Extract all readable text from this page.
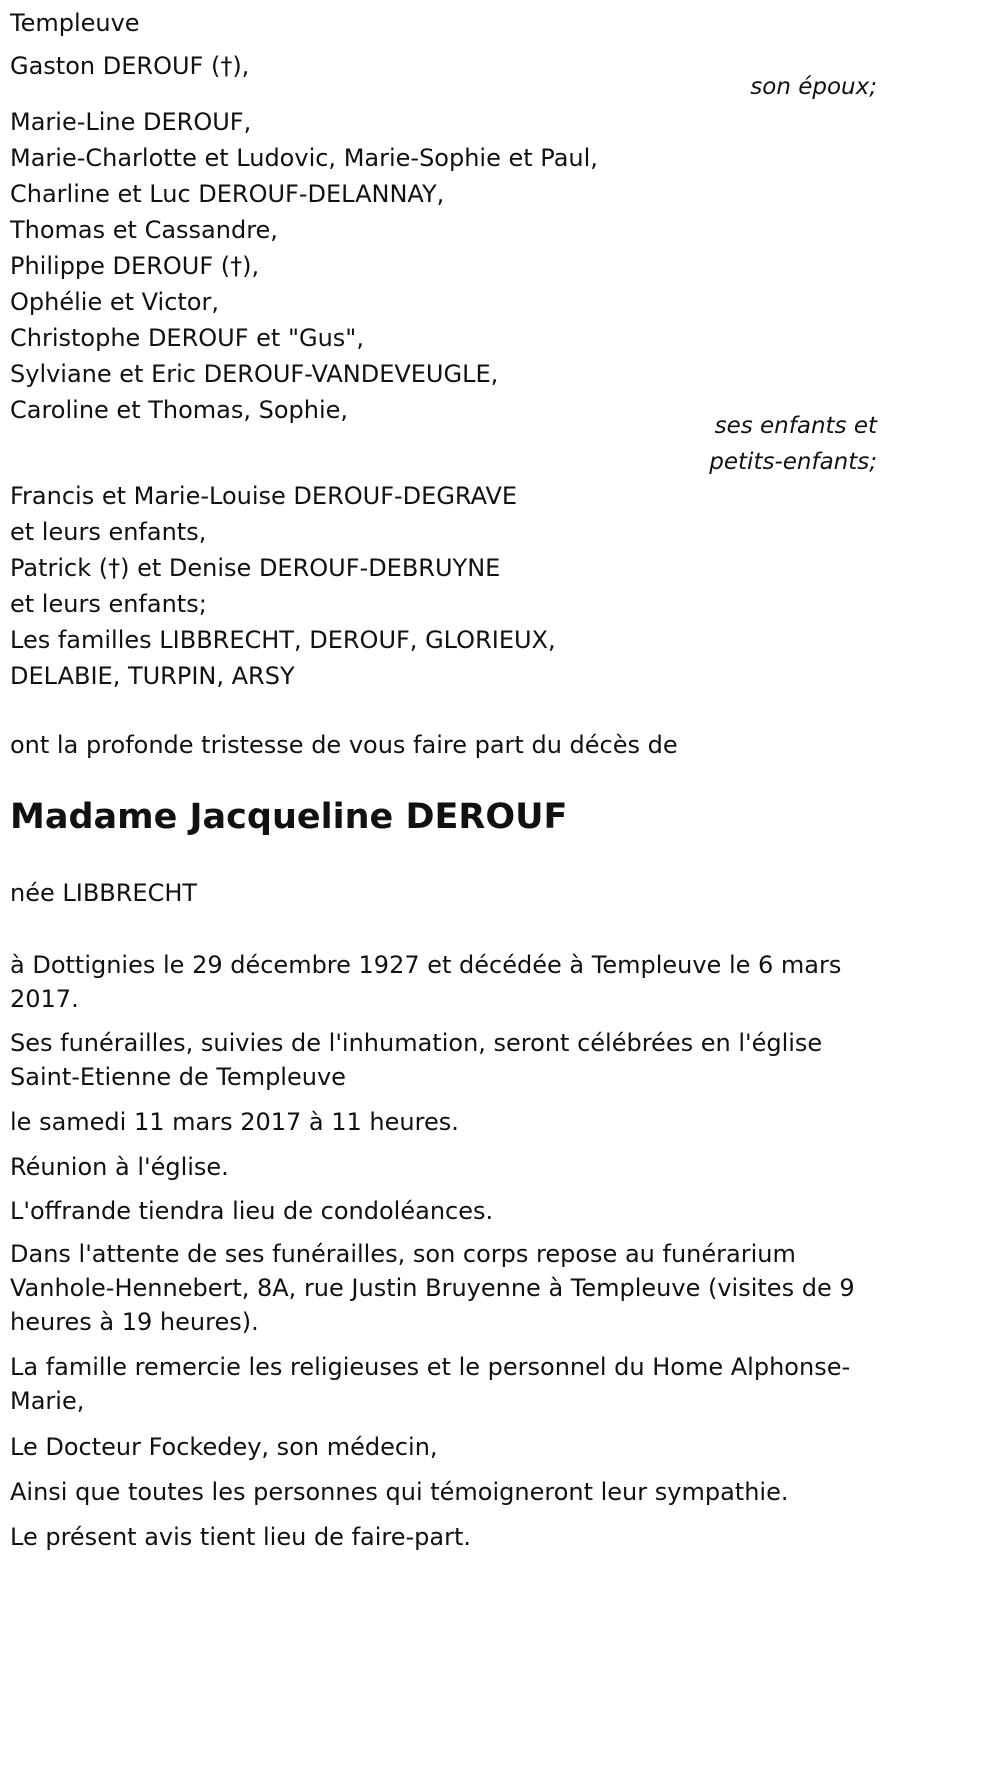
Templeuve
Gaston DEROUF (†),
son époux;
Marie-Line DEROUF,
Marie-Charlotte et Ludovic, Marie-Sophie et Paul,
Charline et Luc DEROUF-DELANNAY,
Thomas et Cassandre,
Philippe DEROUF (†),
Ophélie et Victor,
Christophe DEROUF et "Gus",
Sylviane et Eric DEROUF-VANDEVEUGLE,
Caroline et Thomas, Sophie,
ses enfants et
petits-enfants;
Francis et Marie-Louise DEROUF-DEGRAVE
et leurs enfants,
Patrick (†) et Denise DEROUF-DEBRUYNE
et leurs enfants;
Les familles LIBBRECHT, DEROUF, GLORIEUX,
DELABIE, TURPIN, ARSY
ont la profonde tristesse de vous faire part du décès de
Madame Jacqueline DEROUF
née LIBBRECHT
à Dottignies le 29 décembre 1927 et décédée à Templeuve le 6 mars 2017.
Ses funérailles, suivies de l'inhumation, seront célébrées en l'église Saint-Etienne de Templeuve
le samedi 11 mars 2017 à 11 heures.
Réunion à l'église.
L'offrande tiendra lieu de condoléances.
Dans l'attente de ses funérailles, son corps repose au funérarium Vanhole-Hennebert, 8A, rue Justin Bruyenne à Templeuve (visites de 9 heures à 19 heures).
La famille remercie les religieuses et le personnel du Home Alphonse-Marie,
Le Docteur Fockedey, son médecin,
Ainsi que toutes les personnes qui témoigneront leur sympathie.
Le présent avis tient lieu de faire-part.
